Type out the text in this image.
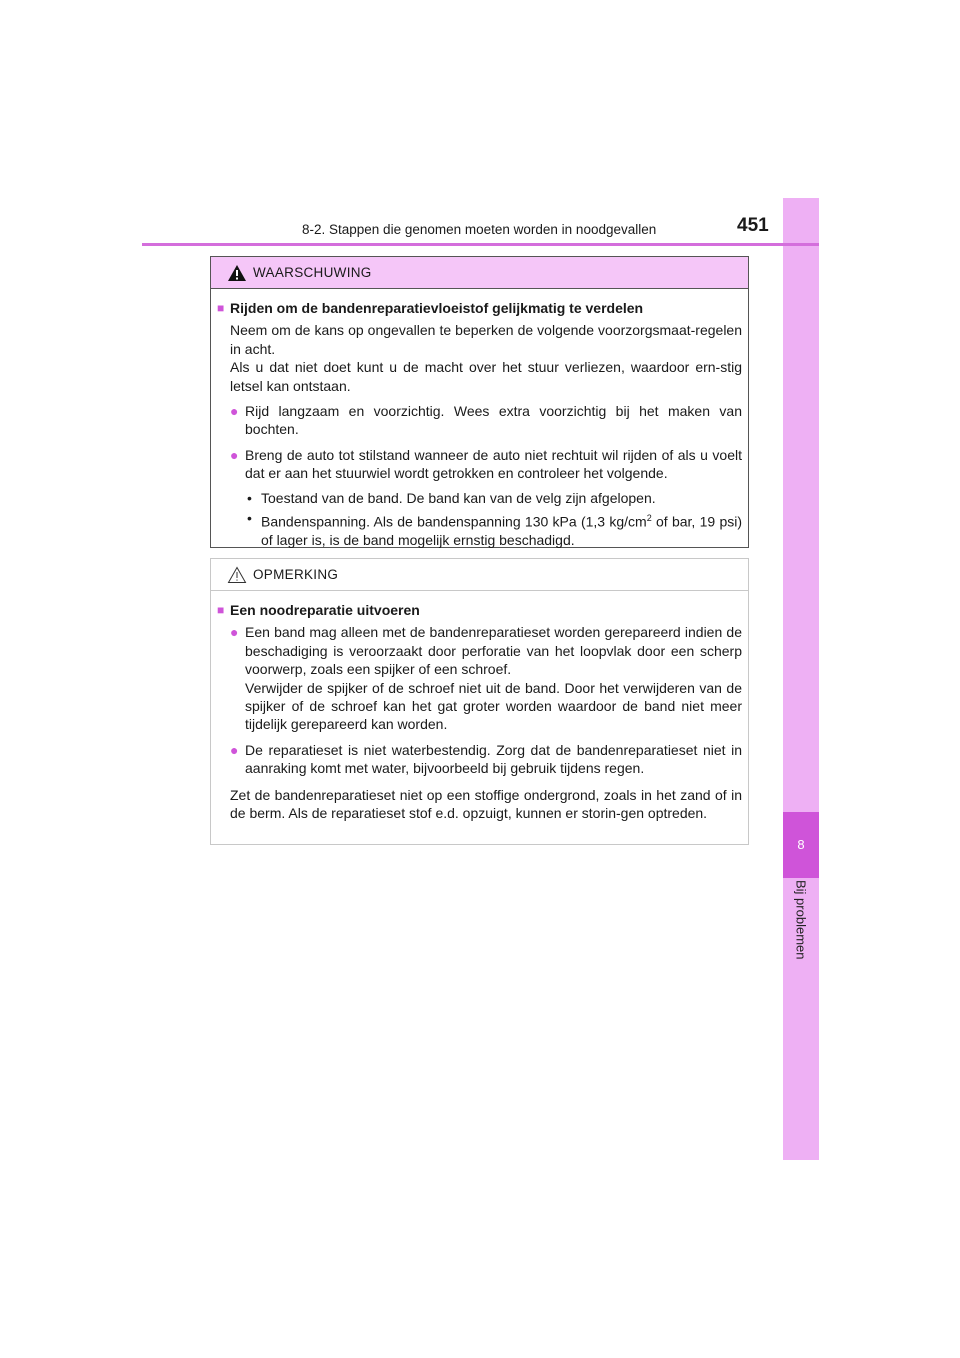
8
Bij problemen
8-2. Stappen die genomen moeten worden in noodgevallen	451
WAARSCHUWING
■ Rijden om de bandenreparatievloeistof gelijkmatig te verdelen
Neem om de kans op ongevallen te beperken de volgende voorzorgsmaat-regelen in acht.
Als u dat niet doet kunt u de macht over het stuur verliezen, waardoor ern-stig letsel kan ontstaan.
● Rijd langzaam en voorzichtig. Wees extra voorzichtig bij het maken van bochten.
● Breng de auto tot stilstand wanneer de auto niet rechtuit wil rijden of als u voelt dat er aan het stuurwiel wordt getrokken en controleer het volgende.
• Toestand van de band. De band kan van de velg zijn afgelopen.
• Bandenspanning. Als de bandenspanning 130 kPa (1,3 $kg/cm^2$ of bar, 19 psi) of lager is, is de band mogelijk ernstig beschadigd.
OPMERKING
■ Een noodreparatie uitvoeren
● Een band mag alleen met de bandenreparatieset worden gerepareerd indien de beschadiging is veroorzaakt door perforatie van het loopvlak door een scherp voorwerp, zoals een spijker of een schroef.
Verwijder de spijker of de schroef niet uit de band. Door het verwijderen van de spijker of de schroef kan het gat groter worden waardoor de band niet meer tijdelijk gerepareerd kan worden.
● De reparatieset is niet waterbestendig. Zorg dat de bandenreparatieset niet in aanraking komt met water, bijvoorbeeld bij gebruik tijdens regen.
Zet de bandenreparatieset niet op een stoffige ondergrond, zoals in het zand of in de berm. Als de reparatieset stof e.d. opzuigt, kunnen er storin-gen optreden.
